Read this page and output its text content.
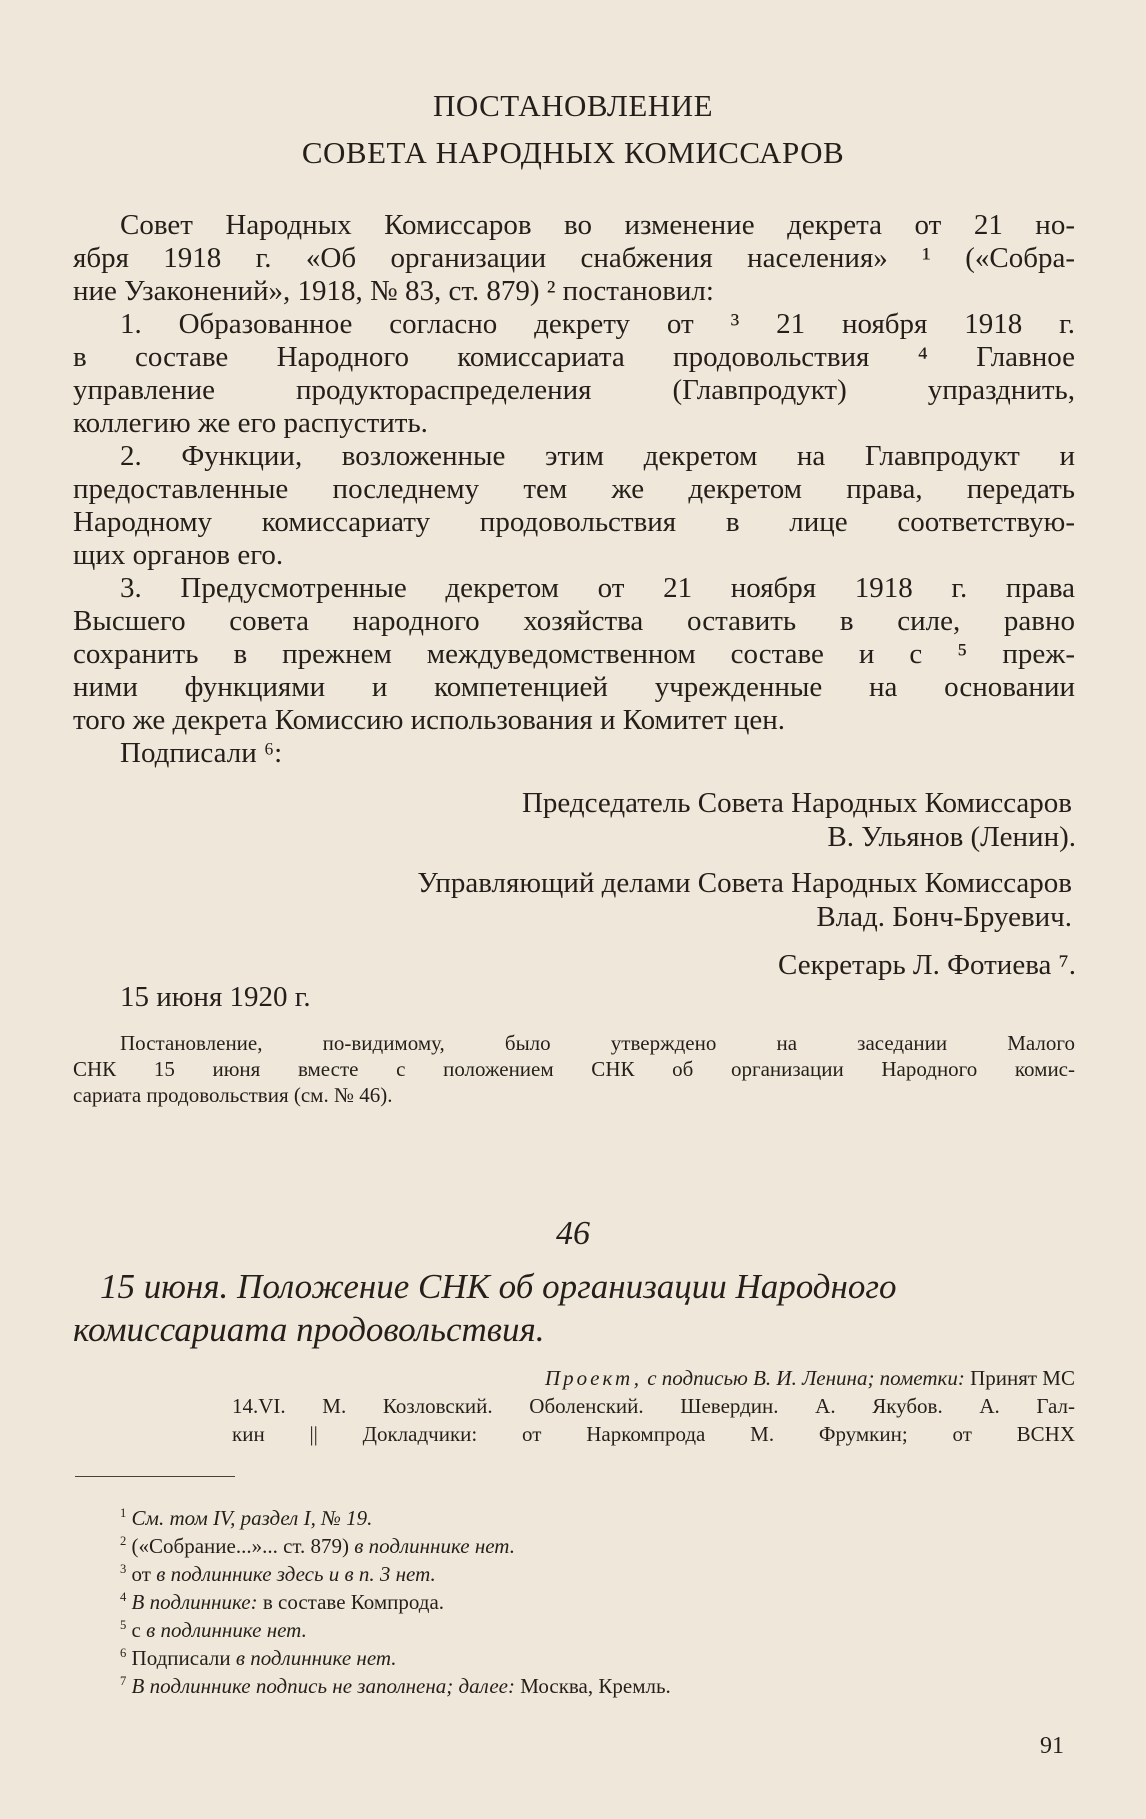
ПОСТАНОВЛЕНИЕ
СОВЕТА НАРОДНЫХ КОМИССАРОВ
Совет Народных Комиссаров во изменение декрета от 21 но-
ября 1918 г. «Об организации снабжения населения» ¹ («Собра-
ние Узаконений», 1918, № 83, ст. 879) ² постановил:
1. Образованное согласно декрету от ³ 21 ноября 1918 г.
в составе Народного комиссариата продовольствия ⁴ Главное
управление продукторaспределения (Главпродукт) упразднить,
коллегию же его распустить.
2. Функции, возложенные этим декретом на Главпродукт и
предоставленные последнему тем же декретом права, передать
Народному комиссариату продовольствия в лице соответствую-
щих органов его.
3. Предусмотренные декретом от 21 ноября 1918 г. права
Высшего совета народного хозяйства оставить в силе, равно
сохранить в прежнем междуведомственном составе и с ⁵ преж-
ними функциями и компетенцией учрежденные на основании
того же декрета Комиссию использования и Комитет цен.
Подписали ⁶:
Председатель Совета Народных Комиссаров
В. Ульянов (Ленин).
Управляющий делами Совета Народных Комиссаров
Влад. Бонч-Бруевич.
Секретарь Л. Фотиева ⁷.
15 июня 1920 г.
Постановление, по-видимому, было утверждено на заседании Малого
СНК 15 июня вместе с положением СНК об организации Народного комис-
сариата продовольствия (см. № 46).
46
15 июня. Положение СНК об организации Народного
комиссариата продовольствия.
Проект, с подписью В. И. Ленина; пометки: Принят МС
14.VI. М. Козловский. Оболенский. Шевердин. А. Якубов. А. Гал-
кин || Докладчики: от Наркомпрода М. Фрумкин; от ВСНХ
$^1$ См. том IV, раздел I, № 19.
$^2$ («Собрание...»... ст. 879) в подлиннике нет.
$^3$ от в подлиннике здесь и в п. 3 нет.
$^4$ В подлиннике: в составе Компрода.
$^5$ с в подлиннике нет.
$^6$ Подписали в подлиннике нет.
$^7$ В подлиннике подпись не заполнена; далее: Москва, Кремль.
91
